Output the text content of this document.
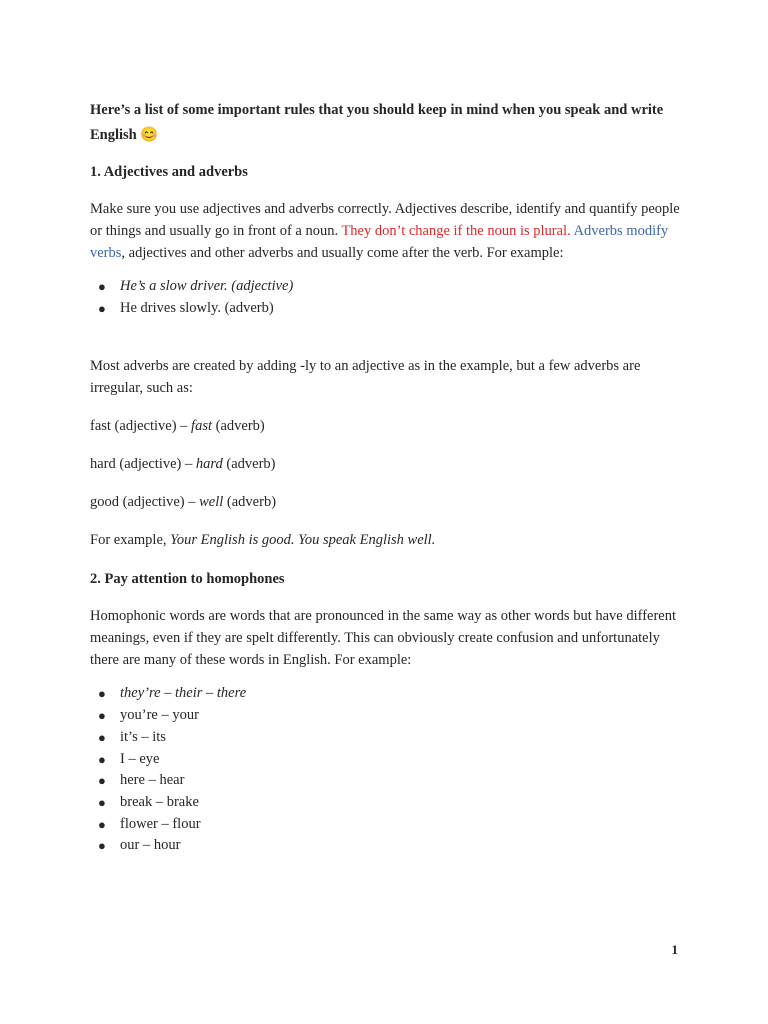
Here’s a list of some important rules that you should keep in mind when you speak and write English 😊

1. Adjectives and adverbs

Make sure you use adjectives and adverbs correctly. Adjectives describe, identify and quantify people or things and usually go in front of a noun. They don’t change if the noun is plural. Adverbs modify verbs, adjectives and other adverbs and usually come after the verb. For example:

● He’s a slow driver. (adjective)
● He drives slowly. (adverb)

Most adverbs are created by adding -ly to an adjective as in the example, but a few adverbs are irregular, such as:

fast (adjective) – fast (adverb)

hard (adjective) – hard (adverb)

good (adjective) – well (adverb)

For example, Your English is good. You speak English well.

2. Pay attention to homophones

Homophonic words are words that are pronounced in the same way as other words but have different meanings, even if they are spelt differently. This can obviously create confusion and unfortunately there are many of these words in English. For example:

● they’re – their – there
● you’re – your
● it’s – its
● I – eye
● here – hear
● break – brake
● flower – flour
● our – hour
1
